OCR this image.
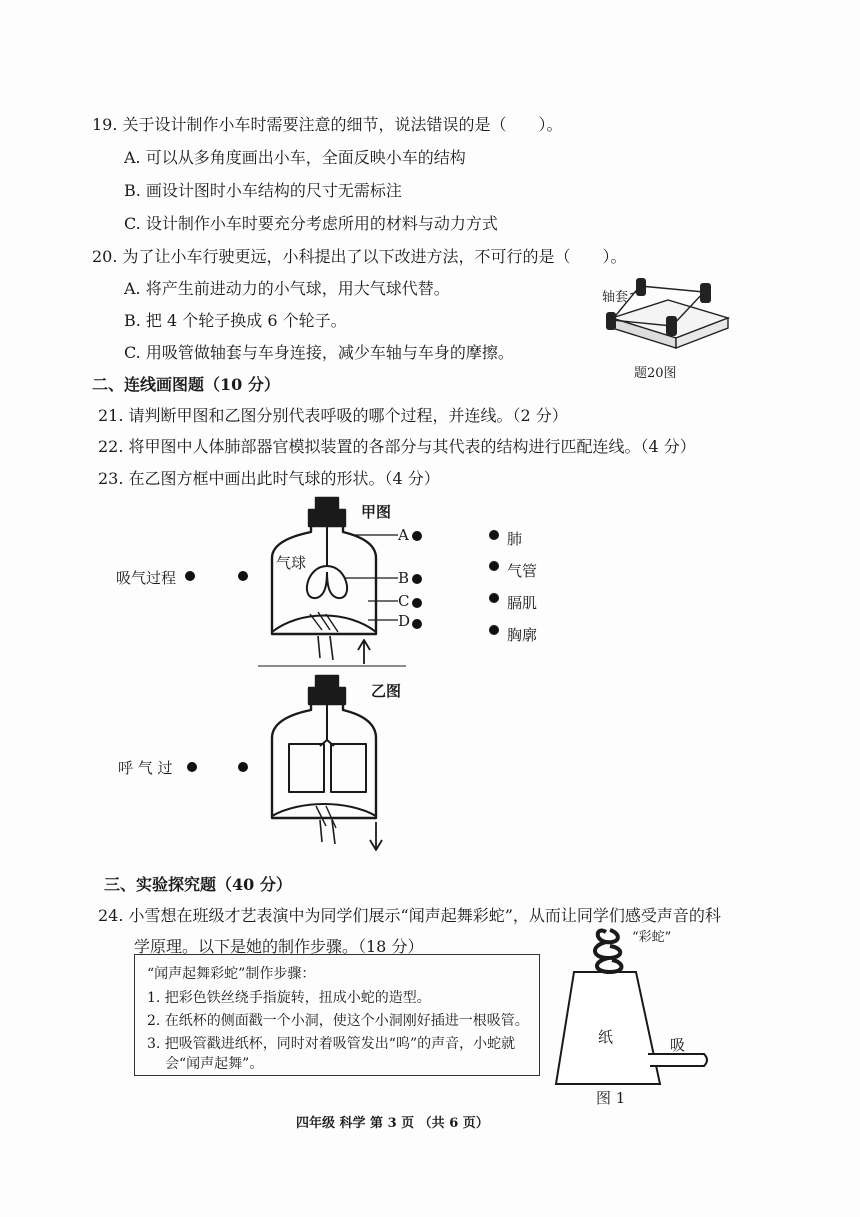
19. 关于设计制作小车时需要注意的细节，说法错误的是（　　）。
A. 可以从多角度画出小车，全面反映小车的结构
B. 画设计图时小车结构的尺寸无需标注
C. 设计制作小车时要充分考虑所用的材料与动力方式
20. 为了让小车行驶更远，小科提出了以下改进方法，不可行的是（　　）。
A. 将产生前进动力的小气球，用大气球代替。
B. 把 4 个轮子换成 6 个轮子。
C. 用吸管做轴套与车身连接，减少车轴与车身的摩擦。
轴套
题20图
二、连线画图题（10 分）
21. 请判断甲图和乙图分别代表呼吸的哪个过程，并连线。（2 分）
22. 将甲图中人体肺部器官模拟装置的各部分与其代表的结构进行匹配连线。（4 分）
23. 在乙图方框中画出此时气球的形状。（4 分）
甲图
乙图
气球
A
B
C
D
肺
气管
膈肌
胸廓
吸气过程
呼 气 过
三、实验探究题（40 分）
24. 小雪想在班级才艺表演中为同学们展示“闻声起舞彩蛇”，从而让同学们感受声音的科
学原理。以下是她的制作步骤。（18 分）
“闻声起舞彩蛇”制作步骤：
1. 把彩色铁丝绕手指旋转，扭成小蛇的造型。
2. 在纸杯的侧面戳一个小洞，使这个小洞刚好插进一根吸管。
3. 把吸管戳进纸杯，同时对着吸管发出“呜”的声音，小蛇就
会“闻声起舞”。
“彩蛇”
纸	吸
图 1
四年级 科学 第 3 页 （共 6 页）
